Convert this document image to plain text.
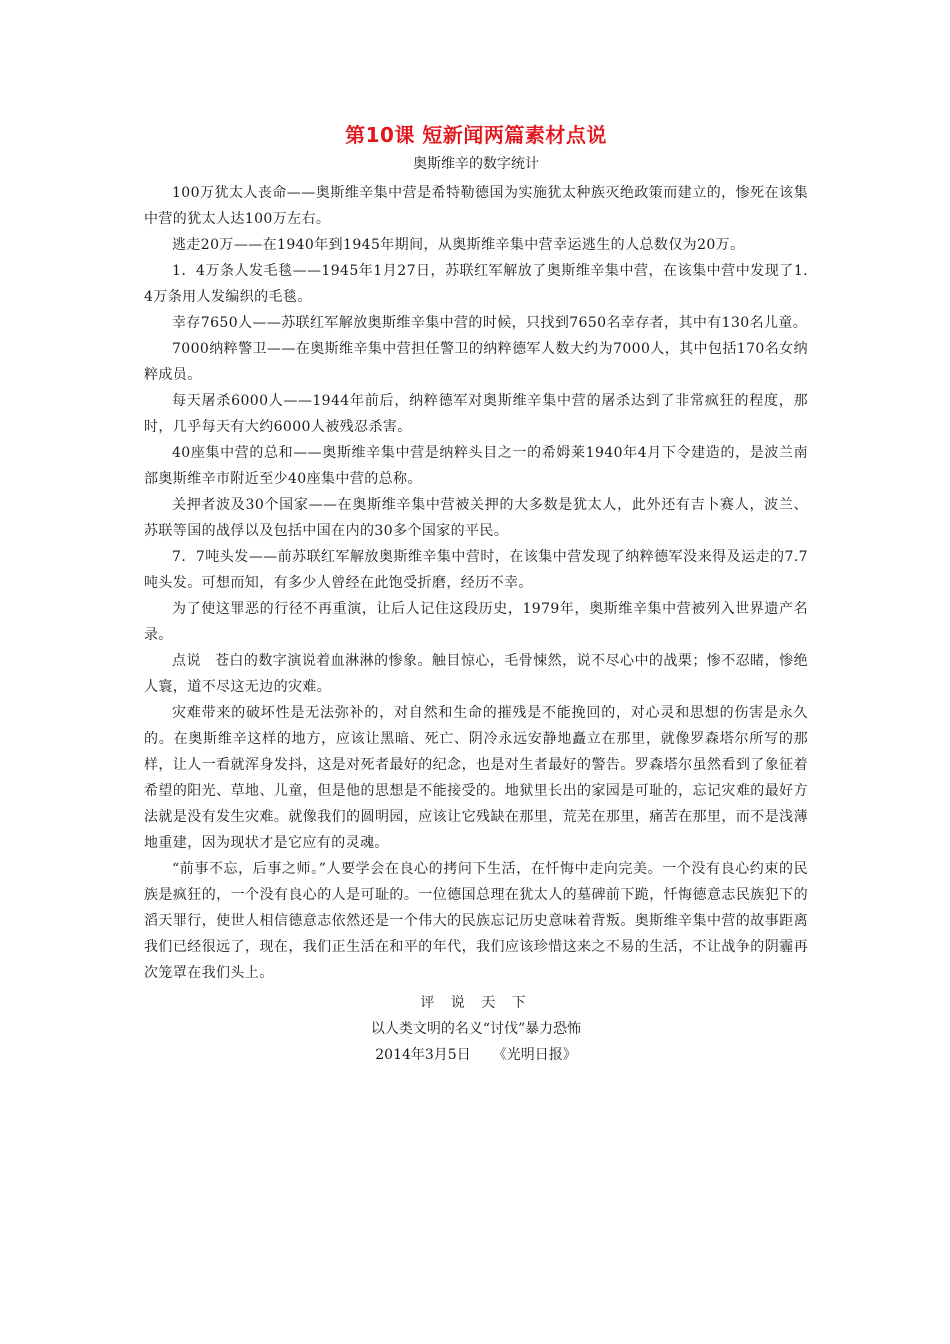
第10课 短新闻两篇素材点说

奥斯维辛的数字统计

100万犹太人丧命——奥斯维辛集中营是希特勒德国为实施犹太种族灭绝政策而建立的，惨死在该集中营的犹太人达100万左右。

逃走20万——在1940年到1945年期间，从奥斯维辛集中营幸运逃生的人总数仅为20万。

1．4万条人发毛毯——1945年1月27日，苏联红军解放了奥斯维辛集中营，在该集中营中发现了1.4万条用人发编织的毛毯。

幸存7650人——苏联红军解放奥斯维辛集中营的时候，只找到7650名幸存者，其中有130名儿童。

7000纳粹警卫——在奥斯维辛集中营担任警卫的纳粹德军人数大约为7000人，其中包括170名女纳粹成员。

每天屠杀6000人——1944年前后，纳粹德军对奥斯维辛集中营的屠杀达到了非常疯狂的程度，那时，几乎每天有大约6000人被残忍杀害。

40座集中营的总和——奥斯维辛集中营是纳粹头目之一的希姆莱1940年4月下令建造的，是波兰南部奥斯维辛市附近至少40座集中营的总称。

关押者波及30个国家——在奥斯维辛集中营被关押的大多数是犹太人，此外还有吉卜赛人，波兰、苏联等国的战俘以及包括中国在内的30多个国家的平民。

7．7吨头发——前苏联红军解放奥斯维辛集中营时，在该集中营发现了纳粹德军没来得及运走的7.7吨头发。可想而知，有多少人曾经在此饱受折磨，经历不幸。

为了使这罪恶的行径不再重演，让后人记住这段历史，1979年，奥斯维辛集中营被列入世界遗产名录。

点说 苍白的数字演说着血淋淋的惨象。触目惊心，毛骨悚然，说不尽心中的战栗；惨不忍睹，惨绝人寰，道不尽这无边的灾难。

灾难带来的破坏性是无法弥补的，对自然和生命的摧残是不能挽回的，对心灵和思想的伤害是永久的。在奥斯维辛这样的地方，应该让黑暗、死亡、阴冷永远安静地矗立在那里，就像罗森塔尔所写的那样，让人一看就浑身发抖，这是对死者最好的纪念，也是对生者最好的警告。罗森塔尔虽然看到了象征着希望的阳光、草地、儿童，但是他的思想是不能接受的。地狱里长出的家园是可耻的，忘记灾难的最好方法就是没有发生灾难。就像我们的圆明园，应该让它残缺在那里，荒芜在那里，痛苦在那里，而不是浅薄地重建，因为现状才是它应有的灵魂。

“前事不忘，后事之师。”人要学会在良心的拷问下生活，在忏悔中走向完美。一个没有良心约束的民族是疯狂的，一个没有良心的人是可耻的。一位德国总理在犹太人的墓碑前下跪，忏悔德意志民族犯下的滔天罪行，使世人相信德意志依然还是一个伟大的民族忘记历史意味着背叛。奥斯维辛集中营的故事距离我们已经很远了，现在，我们正生活在和平的年代，我们应该珍惜这来之不易的生活，不让战争的阴霾再次笼罩在我们头上。

评 说 天 下

以人类文明的名义“讨伐”暴力恐怖

2014年3月5日 《光明日报》
